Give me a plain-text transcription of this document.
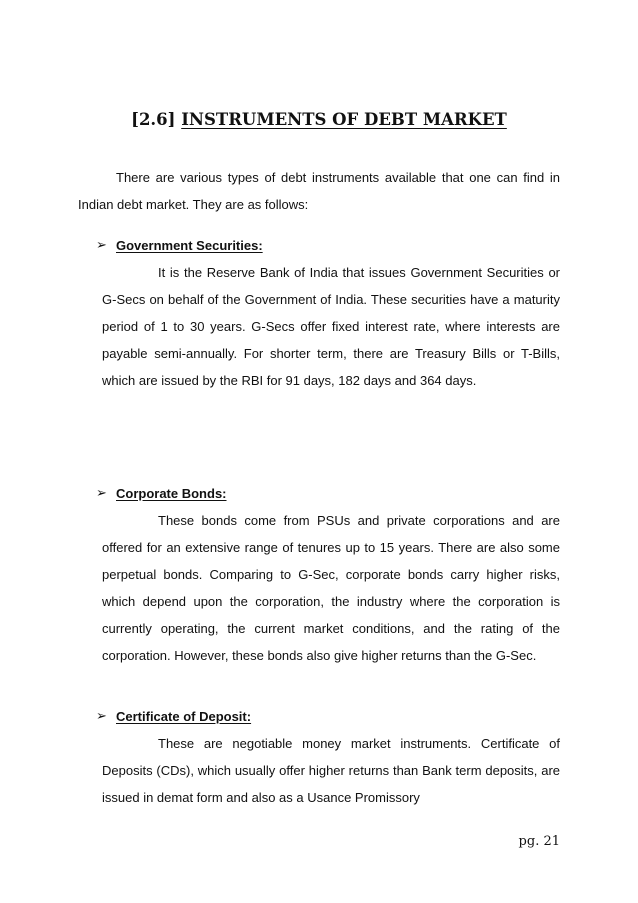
[2.6] INSTRUMENTS OF DEBT MARKET

There are various types of debt instruments available that one can find in Indian debt market. They are as follows:

➢ Government Securities:

It is the Reserve Bank of India that issues Government Securities or G-Secs on behalf of the Government of India. These securities have a maturity period of 1 to 30 years. G-Secs offer fixed interest rate, where interests are payable semi-annually. For shorter term, there are Treasury Bills or T-Bills, which are issued by the RBI for 91 days, 182 days and 364 days.

➢ Corporate Bonds:

These bonds come from PSUs and private corporations and are offered for an extensive range of tenures up to 15 years. There are also some perpetual bonds. Comparing to G-Sec, corporate bonds carry higher risks, which depend upon the corporation, the industry where the corporation is currently operating, the current market conditions, and the rating of the corporation. However, these bonds also give higher returns than the G-Sec.

➢ Certificate of Deposit:

These are negotiable money market instruments. Certificate of Deposits (CDs), which usually offer higher returns than Bank term deposits, are issued in demat form and also as a Usance Promissory

pg. 21
